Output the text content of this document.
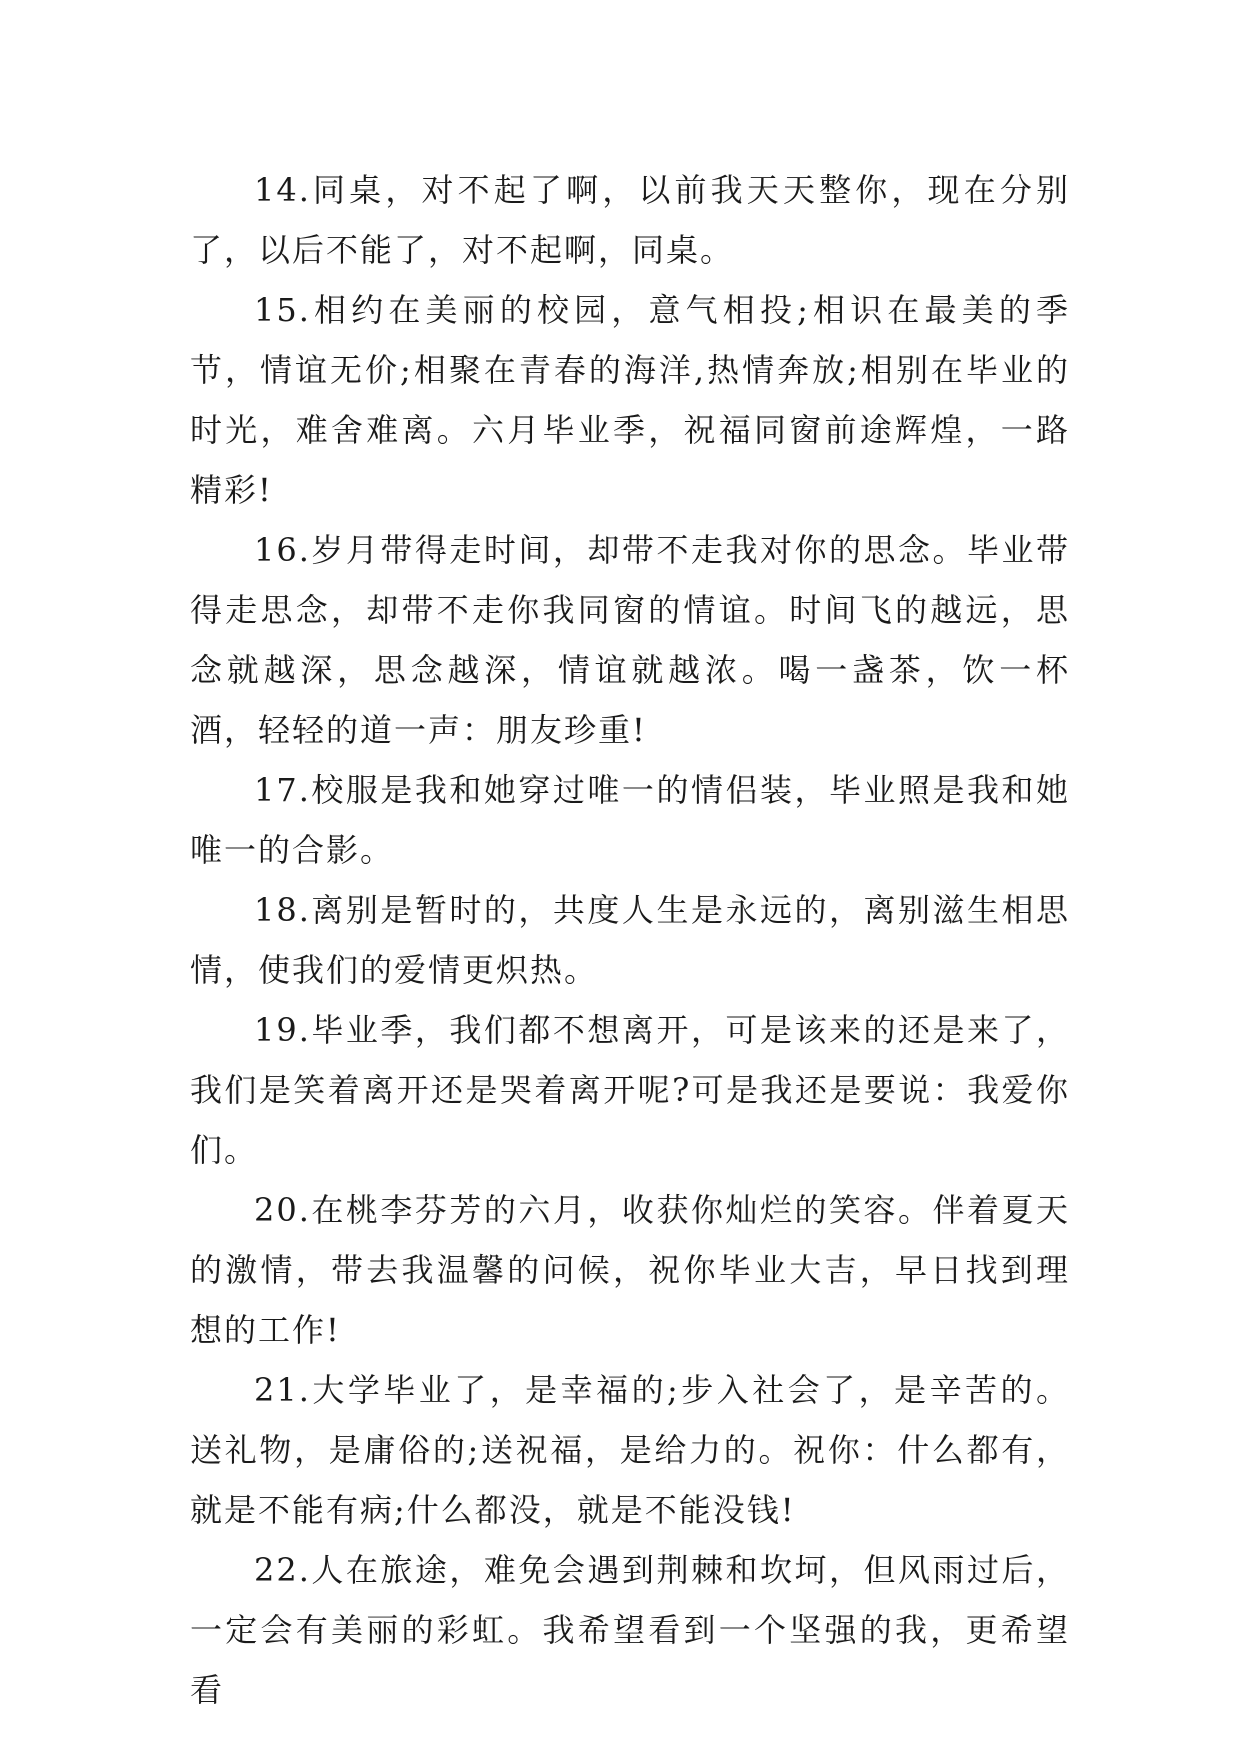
14.同桌，对不起了啊，以前我天天整你，现在分别了，以后不能了，对不起啊，同桌。

15.相约在美丽的校园，意气相投;相识在最美的季节，情谊无价;相聚在青春的海洋,热情奔放;相别在毕业的时光，难舍难离。六月毕业季，祝福同窗前途辉煌，一路精彩!

16.岁月带得走时间，却带不走我对你的思念。毕业带得走思念，却带不走你我同窗的情谊。时间飞的越远，思念就越深，思念越深，情谊就越浓。喝一盏茶，饮一杯酒，轻轻的道一声：朋友珍重!

17.校服是我和她穿过唯一的情侣装，毕业照是我和她唯一的合影。

18.离别是暂时的，共度人生是永远的，离别滋生相思情，使我们的爱情更炽热。

19.毕业季，我们都不想离开，可是该来的还是来了，我们是笑着离开还是哭着离开呢?可是我还是要说：我爱你们。

20.在桃李芬芳的六月，收获你灿烂的笑容。伴着夏天的激情，带去我温馨的问候，祝你毕业大吉，早日找到理想的工作!

21.大学毕业了，是幸福的;步入社会了，是辛苦的。送礼物，是庸俗的;送祝福，是给力的。祝你：什么都有，就是不能有病;什么都没，就是不能没钱!

22.人在旅途，难免会遇到荆棘和坎坷，但风雨过后，一定会有美丽的彩虹。我希望看到一个坚强的我，更希望看
